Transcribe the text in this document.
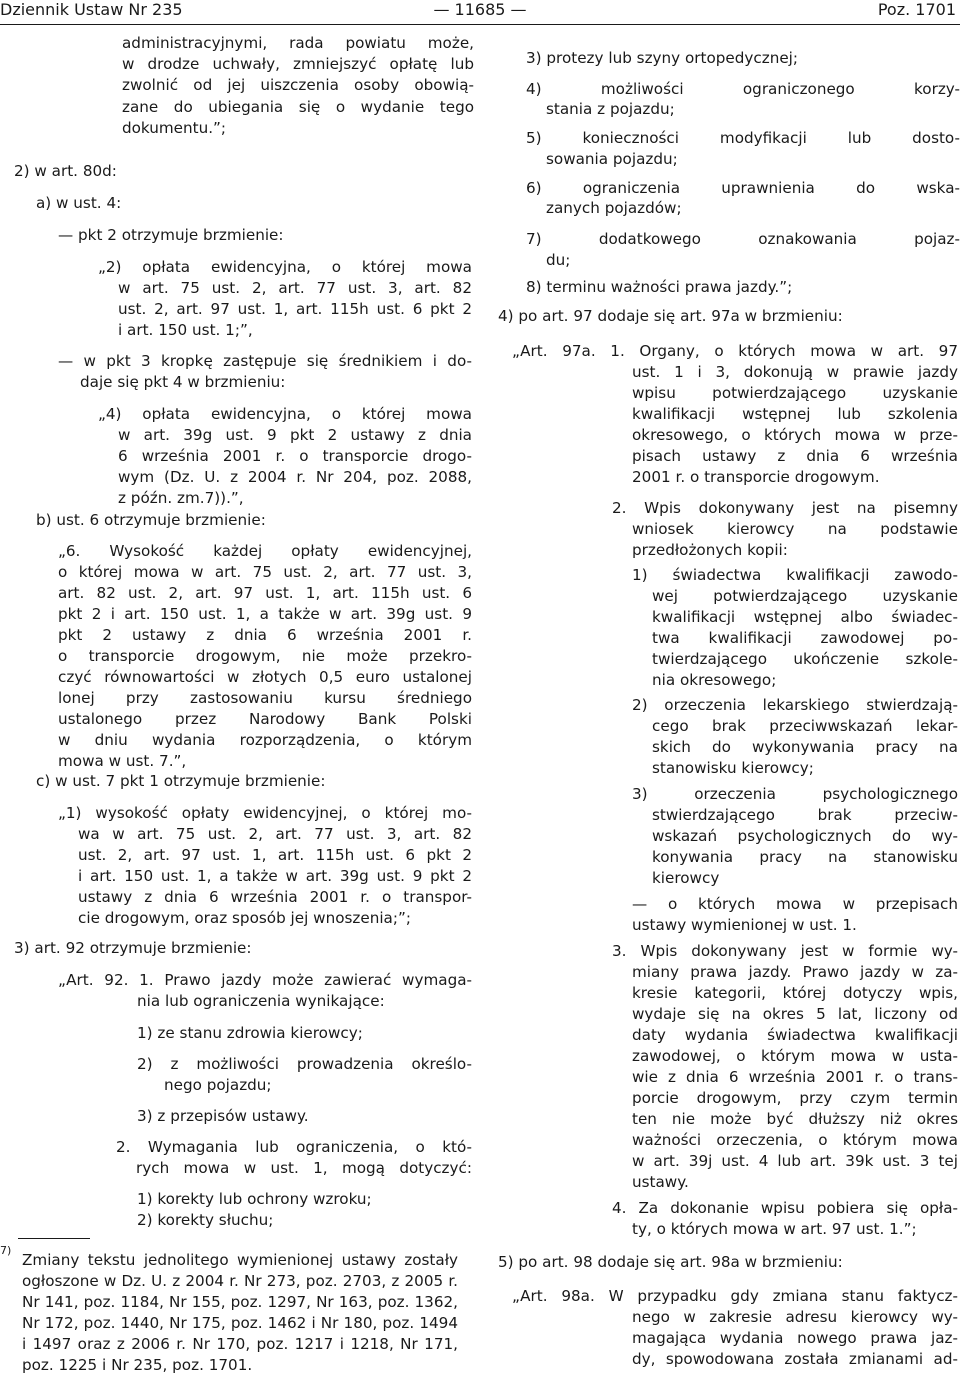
Dziennik Ustaw Nr 235	— 11685 —	Poz. 1701
administracyjnymi, rada powiatu może,
w drodze uchwały, zmniejszyć opłatę lub
zwolnić od jej uiszczenia osoby obowią-
zane do ubiegania się o wydanie tego
dokumentu.”;
2) w art. 80d:
a) w ust. 4:
— pkt 2 otrzymuje brzmienie:
„2) opłata ewidencyjna, o której mowa
w art. 75 ust. 2, art. 77 ust. 3, art. 82
ust. 2, art. 97 ust. 1, art. 115h ust. 6 pkt 2
i art. 150 ust. 1;”,
— w pkt 3 kropkę zastępuje się średnikiem i do-
daje się pkt 4 w brzmieniu:
„4) opłata ewidencyjna, o której mowa
w art. 39g ust. 9 pkt 2 ustawy z dnia
6 września 2001 r. o transporcie drogo-
wym (Dz. U. z 2004 r. Nr 204, poz. 2088,
z późn. zm.7)).”,
b) ust. 6 otrzymuje brzmienie:
„6. Wysokość każdej opłaty ewidencyjnej,
o której mowa w art. 75 ust. 2, art. 77 ust. 3,
art. 82 ust. 2, art. 97 ust. 1, art. 115h ust. 6
pkt 2 i art. 150 ust. 1, a także w art. 39g ust. 9
pkt 2 ustawy z dnia 6 września 2001 r.
o transporcie drogowym, nie może przekro-
czyć równowartości w złotych 0,5 euro ustalonej
lonej przy zastosowaniu kursu średniego
ustalonego przez Narodowy Bank Polski
w dniu wydania rozporządzenia, o którym
mowa w ust. 7.”,
c) w ust. 7 pkt 1 otrzymuje brzmienie:
„1) wysokość opłaty ewidencyjnej, o której mo-
wa w art. 75 ust. 2, art. 77 ust. 3, art. 82
ust. 2, art. 97 ust. 1, art. 115h ust. 6 pkt 2
i art. 150 ust. 1, a także w art. 39g ust. 9 pkt 2
ustawy z dnia 6 września 2001 r. o transpor-
cie drogowym, oraz sposób jej wnoszenia;”;
3) art. 92 otrzymuje brzmienie:
„Art. 92. 1. Prawo jazdy może zawierać wymaga-
nia lub ograniczenia wynikające:
1) ze stanu zdrowia kierowcy;
2) z możliwości prowadzenia określo-
nego pojazdu;
3) z przepisów ustawy.
2. Wymagania lub ograniczenia, o któ-
rych mowa w ust. 1, mogą dotyczyć:
1) korekty lub ochrony wzroku;
2) korekty słuchu;
3) protezy lub szyny ortopedycznej;
4) możliwości ograniczonego korzy-
stania z pojazdu;
5) konieczności modyfikacji lub dosto-
sowania pojazdu;
6) ograniczenia uprawnienia do wska-
zanych pojazdów;
7) dodatkowego oznakowania pojaz-
du;
8) terminu ważności prawa jazdy.”;
4) po art. 97 dodaje się art. 97a w brzmieniu:
„Art. 97a. 1. Organy, o których mowa w art. 97
ust. 1 i 3, dokonują w prawie jazdy
wpisu potwierdzającego uzyskanie
kwalifikacji wstępnej lub szkolenia
okresowego, o których mowa w prze-
pisach ustawy z dnia 6 września
2001 r. o transporcie drogowym.
2. Wpis dokonywany jest na pisemny
wniosek kierowcy na podstawie
przedłożonych kopii:
1) świadectwa kwalifikacji zawodo-
wej potwierdzającego uzyskanie
kwalifikacji wstępnej albo świadec-
twa kwalifikacji zawodowej po-
twierdzającego ukończenie szkole-
nia okresowego;
2) orzeczenia lekarskiego stwierdzają-
cego brak przeciwwskazań lekar-
skich do wykonywania pracy na
stanowisku kierowcy;
3) orzeczenia psychologicznego
stwierdzającego brak przeciw-
wskazań psychologicznych do wy-
konywania pracy na stanowisku
kierowcy
— o których mowa w przepisach
ustawy wymienionej w ust. 1.
3. Wpis dokonywany jest w formie wy-
miany prawa jazdy. Prawo jazdy w za-
kresie kategorii, której dotyczy wpis,
wydaje się na okres 5 lat, liczony od
daty wydania świadectwa kwalifikacji
zawodowej, o którym mowa w usta-
wie z dnia 6 września 2001 r. o trans-
porcie drogowym, przy czym termin
ten nie może być dłuższy niż okres
ważności orzeczenia, o którym mowa
w art. 39j ust. 4 lub art. 39k ust. 3 tej
ustawy.
4. Za dokonanie wpisu pobiera się opła-
ty, o których mowa w art. 97 ust. 1.”;
5) po art. 98 dodaje się art. 98a w brzmieniu:
„Art. 98a. W przypadku gdy zmiana stanu faktycz-
nego w zakresie adresu kierowcy wy-
magająca wydania nowego prawa jaz-
dy, spowodowana została zmianami ad-
7)
Zmiany tekstu jednolitego wymienionej ustawy zostały
ogłoszone w Dz. U. z 2004 r. Nr 273, poz. 2703, z 2005 r.
Nr 141, poz. 1184, Nr 155, poz. 1297, Nr 163, poz. 1362,
Nr 172, poz. 1440, Nr 175, poz. 1462 i Nr 180, poz. 1494
i 1497 oraz z 2006 r. Nr 170, poz. 1217 i 1218, Nr 171,
poz. 1225 i Nr 235, poz. 1701.
